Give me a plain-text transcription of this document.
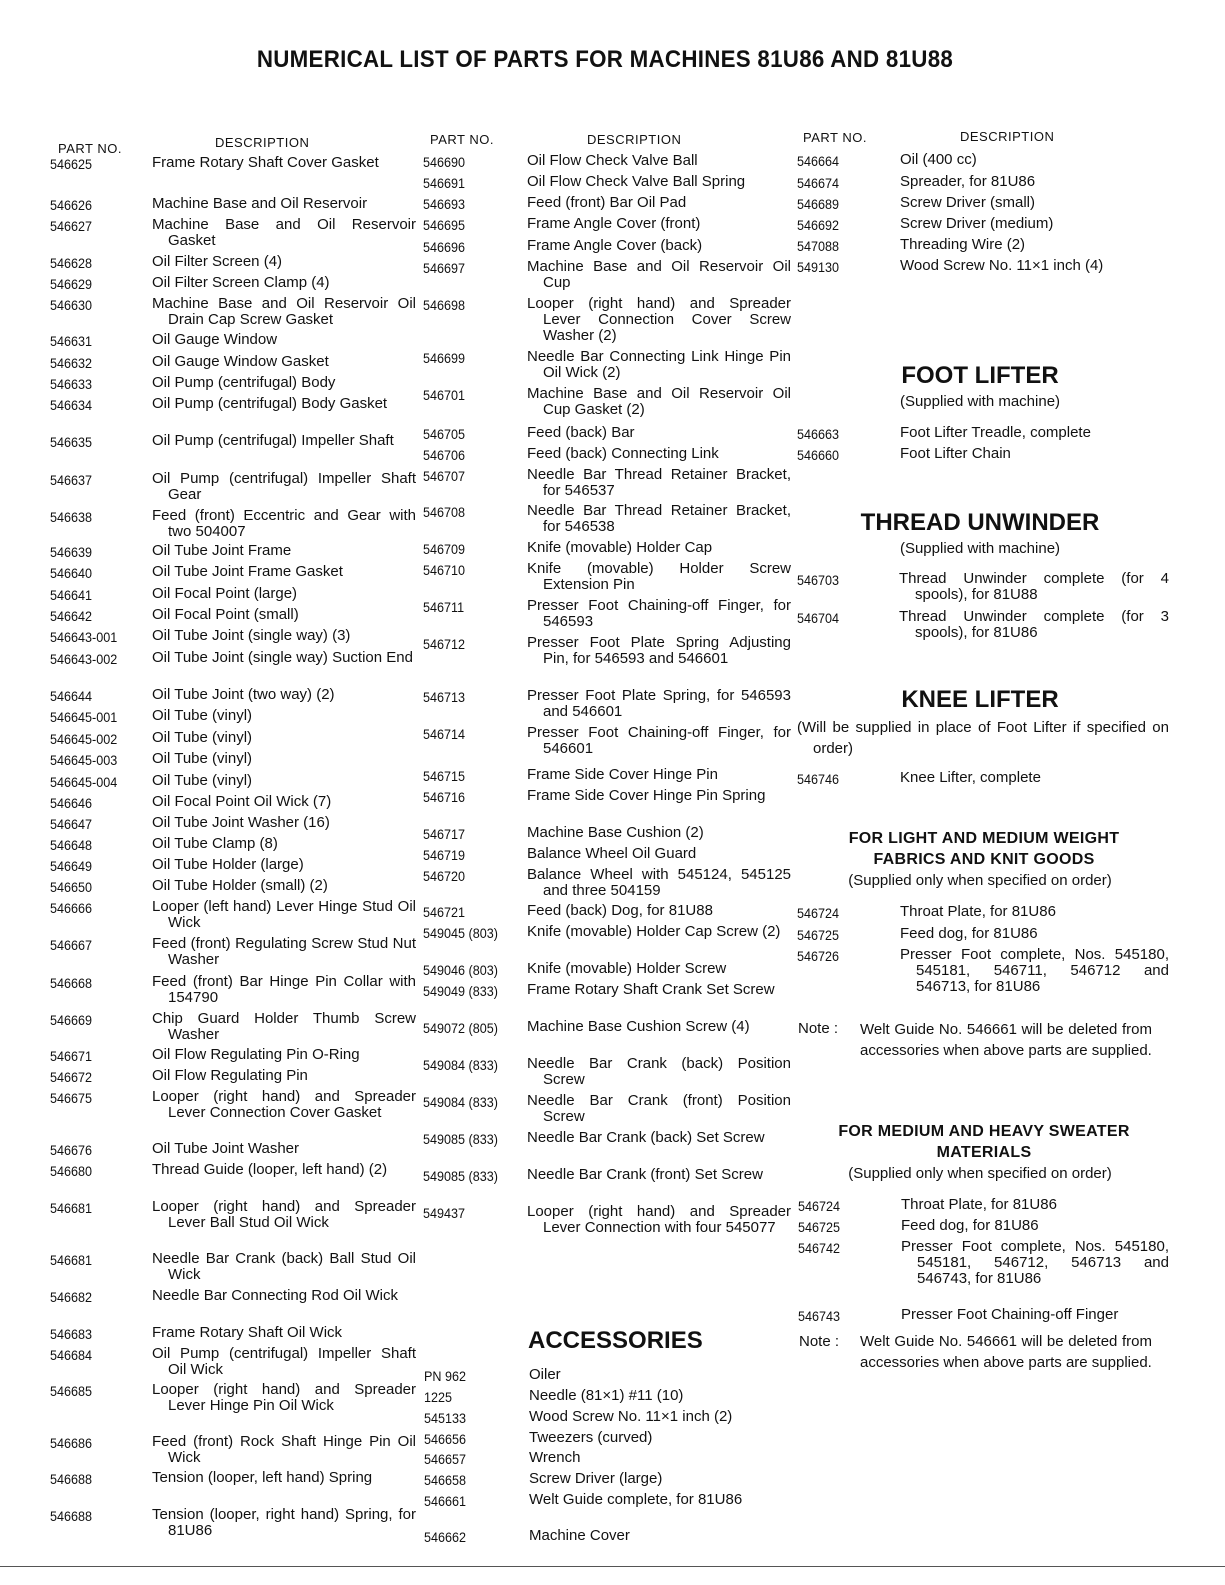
NUMERICAL LIST OF PARTS FOR MACHINES 81U86 AND 81U88
PART NO.	DESCRIPTION	PART NO.	DESCRIPTION	PART NO.	DESCRIPTION
ACCESSORIES
FOOT LIFTER
(Supplied with machine)
THREAD UNWINDER
(Supplied with machine)
KNEE LIFTER
(Will be supplied in place of Foot Lifter if specified on order)
FOR LIGHT AND MEDIUM WEIGHT
FABRICS AND KNIT GOODS
(Supplied only when specified on order)
Note : Welt Guide No. 546661 will be deleted from accessories when above parts are supplied.
FOR MEDIUM AND HEAVY SWEATER
MATERIALS
(Supplied only when specified on order)
Note : Welt Guide No. 546661 will be deleted from accessories when above parts are supplied.
546625	Frame Rotary Shaft Cover Gasket
546626	Machine Base and Oil Reservoir
546627	Machine Base and Oil Reservoir Gasket
546628	Oil Filter Screen (4)
546629	Oil Filter Screen Clamp (4)
546630	Machine Base and Oil Reservoir Oil Drain Cap Screw Gasket
546631	Oil Gauge Window
546632	Oil Gauge Window Gasket
546633	Oil Pump (centrifugal) Body
546634	Oil Pump (centrifugal) Body Gasket
546635	Oil Pump (centrifugal) Impeller Shaft
546637	Oil Pump (centrifugal) Impeller Shaft Gear
546638	Feed (front) Eccentric and Gear with two 504007
546639	Oil Tube Joint Frame
546640	Oil Tube Joint Frame Gasket
546641	Oil Focal Point (large)
546642	Oil Focal Point (small)
546643-001 Oil Tube Joint (single way) (3)
546643-002 Oil Tube Joint (single way) Suction End
546644	Oil Tube Joint (two way) (2)
546645-001 Oil Tube (vinyl)
546645-002 Oil Tube (vinyl)
546645-003 Oil Tube (vinyl)
546645-004 Oil Tube (vinyl)
546646	Oil Focal Point Oil Wick (7)
546647	Oil Tube Joint Washer (16)
546648	Oil Tube Clamp (8)
546649	Oil Tube Holder (large)
546650	Oil Tube Holder (small) (2)
546666	Looper (left hand) Lever Hinge Stud Oil Wick
546667	Feed (front) Regulating Screw Stud Nut Washer
546668	Feed (front) Bar Hinge Pin Collar with 154790
546669	Chip Guard Holder Thumb Screw Washer
546671	Oil Flow Regulating Pin O-Ring
546672	Oil Flow Regulating Pin
546675	Looper (right hand) and Spreader Lever Connection Cover Gasket
546676	Oil Tube Joint Washer
546680	Thread Guide (looper, left hand) (2)
546681	Looper (right hand) and Spreader Lever Ball Stud Oil Wick
546681	Needle Bar Crank (back) Ball Stud Oil Wick
546682	Needle Bar Connecting Rod Oil Wick
546683	Frame Rotary Shaft Oil Wick
546684	Oil Pump (centrifugal) Impeller Shaft Oil Wick
546685	Looper (right hand) and Spreader Lever Hinge Pin Oil Wick
546686	Feed (front) Rock Shaft Hinge Pin Oil Wick
546688	Tension (looper, left hand) Spring
546688	Tension (looper, right hand) Spring, for 81U86
546690	Oil Flow Check Valve Ball
546691	Oil Flow Check Valve Ball Spring
546693	Feed (front) Bar Oil Pad
546695	Frame Angle Cover (front)
546696	Frame Angle Cover (back)
546697	Machine Base and Oil Reservoir Oil Cup
546698	Looper (right hand) and Spreader Lever Connection Cover Screw Washer (2)
546699	Needle Bar Connecting Link Hinge Pin Oil Wick (2)
546701	Machine Base and Oil Reservoir Oil Cup Gasket (2)
546705	Feed (back) Bar
546706	Feed (back) Connecting Link
546707	Needle Bar Thread Retainer Bracket, for 546537
546708	Needle Bar Thread Retainer Bracket, for 546538
546709	Knife (movable) Holder Cap
546710	Knife (movable) Holder Screw Extension Pin
546711	Presser Foot Chaining-off Finger, for 546593
546712	Presser Foot Plate Spring Adjusting Pin, for 546593 and 546601
546713	Presser Foot Plate Spring, for 546593 and 546601
546714	Presser Foot Chaining-off Finger, for 546601
546715	Frame Side Cover Hinge Pin
546716	Frame Side Cover Hinge Pin Spring
546717	Machine Base Cushion (2)
546719	Balance Wheel Oil Guard
546720	Balance Wheel with 545124, 545125 and three 504159
546721	Feed (back) Dog, for 81U88
549045 (803) Knife (movable) Holder Cap Screw (2)
549046 (803) Knife (movable) Holder Screw
549049 (833) Frame Rotary Shaft Crank Set Screw
549072 (805) Machine Base Cushion Screw (4)
549084 (833) Needle Bar Crank (back) Position Screw
549084 (833) Needle Bar Crank (front) Position Screw
549085 (833) Needle Bar Crank (back) Set Screw
549085 (833) Needle Bar Crank (front) Set Screw
549437	Looper (right hand) and Spreader Lever Connection with four 545077
PN 962	Oiler
1225	Needle (81×1) #11 (10)
545133	Wood Screw No. 11×1 inch (2)
546656	Tweezers (curved)
546657	Wrench
546658	Screw Driver (large)
546661	Welt Guide complete, for 81U86
546662	Machine Cover
546664	Oil (400 cc)
546674	Spreader, for 81U86
546689	Screw Driver (small)
546692	Screw Driver (medium)
547088	Threading Wire (2)
549130	Wood Screw No. 11×1 inch (4)
546663	Foot Lifter Treadle, complete
546660	Foot Lifter Chain
546703	Thread Unwinder complete (for 4 spools), for 81U88
546704	Thread Unwinder complete (for 3 spools), for 81U86
546746	Knee Lifter, complete
546724	Throat Plate, for 81U86
546725	Feed dog, for 81U86
546726	Presser Foot complete, Nos. 545180, 545181, 546711, 546712 and 546713, for 81U86
546724	Throat Plate, for 81U86
546725	Feed dog, for 81U86
546742	Presser Foot complete, Nos. 545180, 545181, 546712, 546713 and 546743, for 81U86
546743	Presser Foot Chaining-off Finger
